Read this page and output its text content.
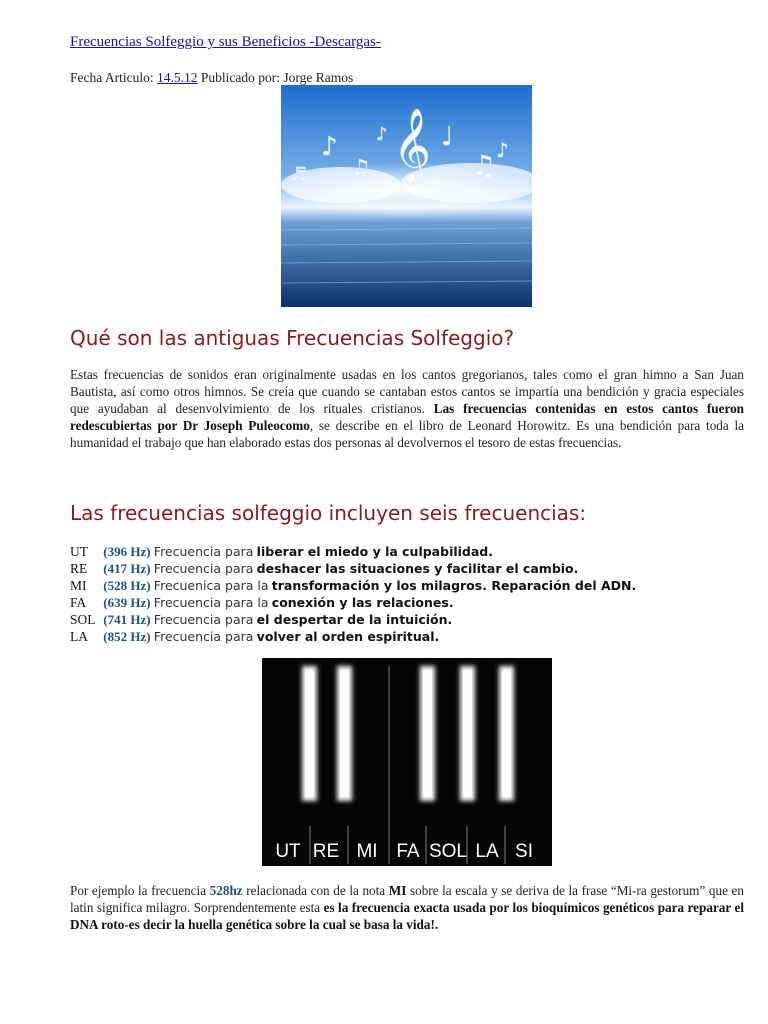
Frecuencias Solfeggio y sus Beneficios -Descargas-
Fecha Articulo: 14.5.12 Publicado por: Jorge Ramos
𝄞
♪
♫
♩
♫ ♪
♬
♪
Qué son las antiguas Frecuencias Solfeggio?
Estas frecuencias de sonidos eran originalmente usadas en los cantos gregorianos, tales como el gran himno a San Juan Bautista, así como otros himnos. Se creía que cuando se cantaban estos cantos se impartía una bendición y gracia especiales que ayudaban al desenvolvimiento de los rituales cristianos. Las frecuencias contenidas en estos cantos fueron redescubiertas por Dr Joseph Puleocomo, se describe en el libro de Leonard Horowitz. Es una bendición para toda la humanidad el trabajo que han elaborado estas dos personas al devolvernos el tesoro de estas frecuencias.
Las frecuencias solfeggio incluyen seis frecuencias:
UT (396 Hz) Frecuencia para liberar el miedo y la culpabilidad.
RE (417 Hz) Frecuencia para deshacer las situaciones y facilitar el cambio.
MI (528 Hz) Frecuenica para la transformación y los milagros. Reparación del ADN.
FA (639 Hz) Frecuencia para la conexión y las relaciones.
SOL (741 Hz) Frecuencia para el despertar de la intuición.
LA (852 Hz) Frecuencia para volver al orden espiritual.
UT RE MI FA SOL LA SI
Por ejemplo la frecuencia 528hz relacionada con de la nota MI sobre la escala y se deriva de la frase “Mi-ra gestorum” que en latin significa milagro. Sorprendentemente esta es la frecuencia exacta usada por los bioquímicos genéticos para reparar el DNA roto-es decir la huella genética sobre la cual se basa la vida!.
